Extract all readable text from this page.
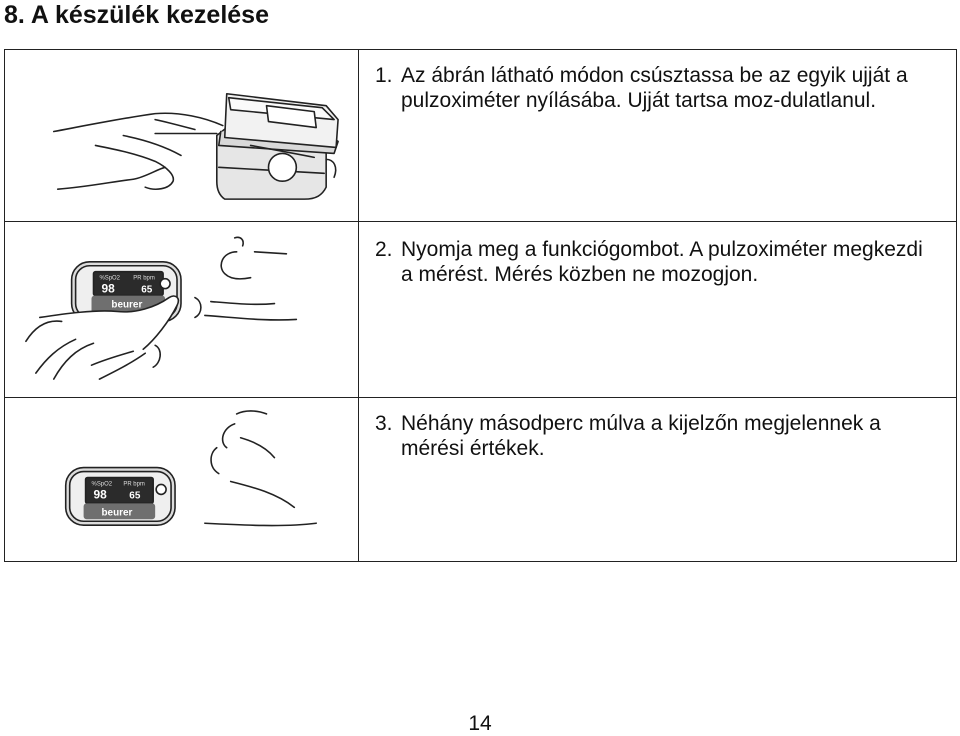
8. A készülék kezelése

1. Az ábrán látható módon csúsztassa be az egyik ujját a pulzoximéter nyílásába. Ujját tartsa moz-dulatlanul.

%SpO2 PR bpm
98 65
beurer	2. Nyomja meg a funkciógombot. A pulzoximéter megkezdi a mérést. Mérés közben ne mozogjon.

%SpO2 PR bpm
98 65
beurer	3. Néhány másodperc múlva a kijelzőn megjelennek a mérési értékek.

14
